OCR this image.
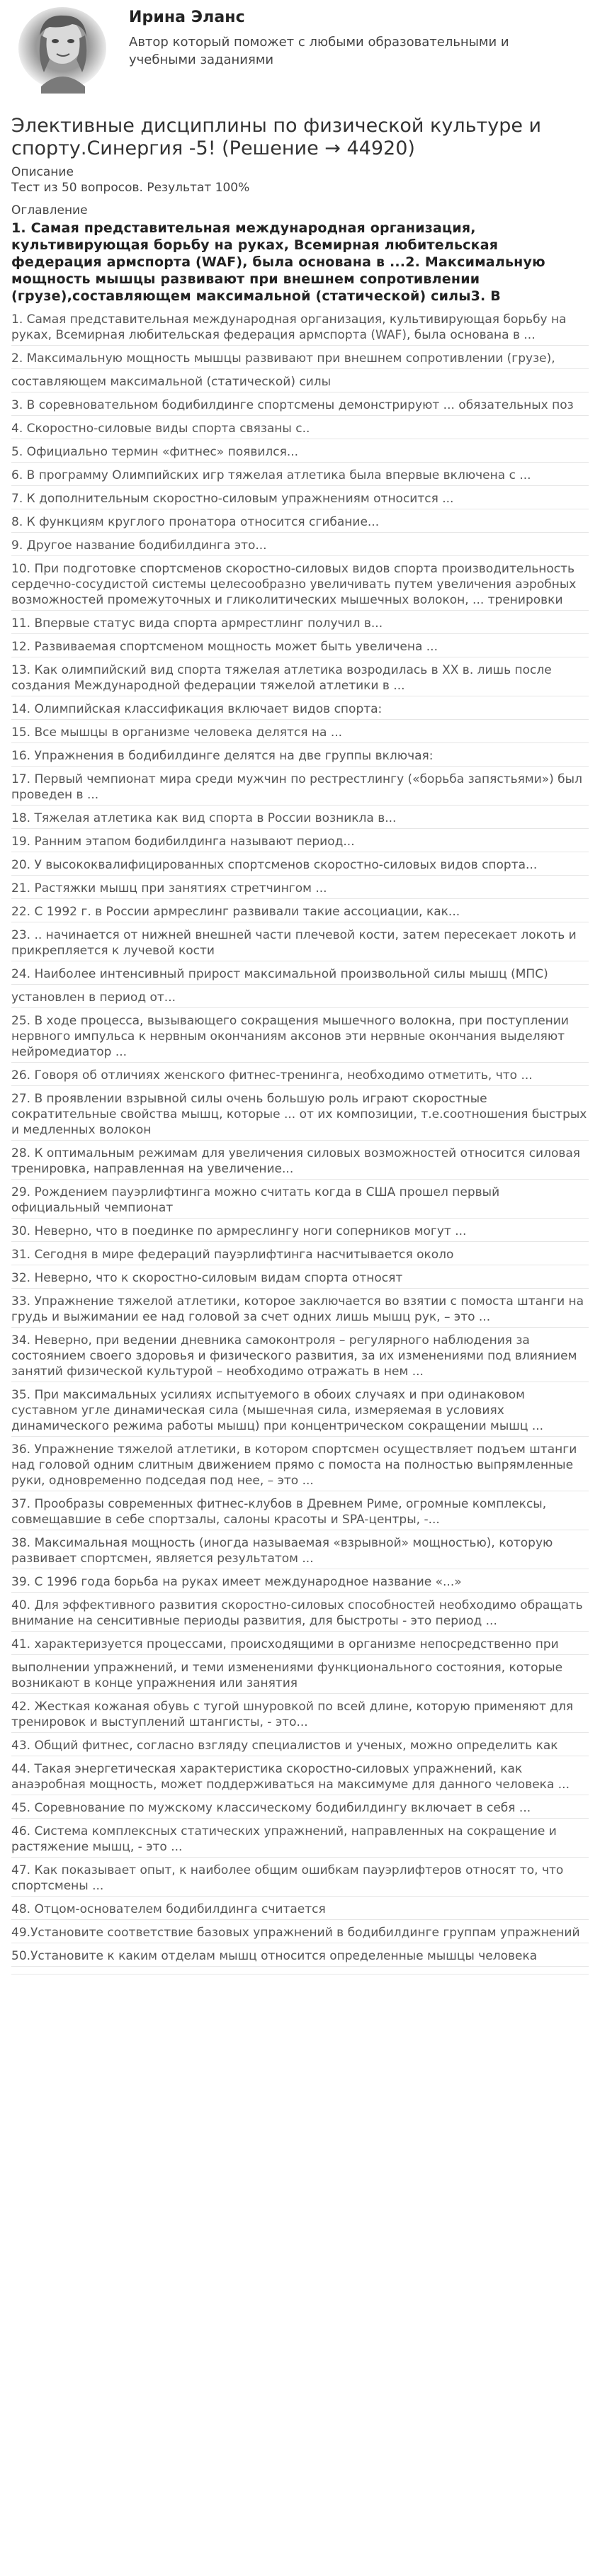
Ирина Эланс
Автор который поможет с любыми образовательными и учебными заданиями
Элективные дисциплины по физической культуре и спорту.Синергия -5! (Решение → 44920)
Описание
Тест из 50 вопросов. Результат 100%
Оглавление
1. Самая представительная международная организация, культивирующая борьбу на руках, Всемирная любительская федерация армспорта (WAF), была основана в ...2. Максимальную мощность мышцы развивают при внешнем сопротивлении (грузе),составляющем максимальной (статической) силы3. В

1. Самая представительная международная организация, культивирующая борьбу на руках, Всемирная любительская федерация армспорта (WAF), была основана в ...

2. Максимальную мощность мышцы развивают при внешнем сопротивлении (грузе),

составляющем максимальной (статической) силы

3. В соревновательном бодибилдинге спортсмены демонстрируют ... обязательных поз

4. Скоростно-силовые виды спорта связаны с..

5. Официально термин «фитнес» появился...

6. В программу Олимпийских игр тяжелая атлетика была впервые включена с ...

7. К дополнительным скоростно-силовым упражнениям относится ...

8. К функциям круглого пронатора относится сгибание...

9. Другое название бодибилдинга это...

10. При подготовке спортсменов скоростно-силовых видов спорта производительность сердечно-сосудистой системы целесообразно увеличивать путем увеличения аэробных возможностей промежуточных и гликолитических мышечных волокон, ... тренировки

11. Впервые статус вида спорта армрестлинг получил в...

12. Развиваемая спортсменом мощность может быть увеличена ...

13. Как олимпийский вид спорта тяжелая атлетика возродилась в XX в. лишь после создания Международной федерации тяжелой атлетики в ...

14. Олимпийская классификация включает видов спорта:

15. Все мышцы в организме человека делятся на ...

16. Упражнения в бодибилдинге делятся на две группы включая:

17. Первый чемпионат мира среди мужчин по рестрестлингу («борьба запястьями») был проведен в ...

18. Тяжелая атлетика как вид спорта в России возникла в...

19. Ранним этапом бодибилдинга называют период...

20. У высококвалифицированных спортсменов скоростно-силовых видов спорта...

21. Растяжки мышц при занятиях стретчингом ...

22. С 1992 г. в России армреслинг развивали такие ассоциации, как...

23. .. начинается от нижней внешней части плечевой кости, затем пересекает локоть и прикрепляется к лучевой кости

24. Наиболее интенсивный прирост максимальной произвольной силы мышц (МПС)

установлен в период от...

25. В ходе процесса, вызывающего сокращения мышечного волокна, при поступлении нервного импульса к нервным окончаниям аксонов эти нервные окончания выделяют нейромедиатор ...

26. Говоря об отличиях женского фитнес-тренинга, необходимо отметить, что ...

27. В проявлении взрывной силы очень большую роль играют скоростные сократительные свойства мышц, которые ... от их композиции, т.е.соотношения быстрых и медленных волокон

28. К оптимальным режимам для увеличения силовых возможностей относится силовая тренировка, направленная на увеличение...

29. Рождением пауэрлифтинга можно считать когда в США прошел первый официальный чемпионат

30. Неверно, что в поединке по армреслингу ноги соперников могут ...

31. Сегодня в мире федераций пауэрлифтинга насчитывается около

32. Неверно, что к скоростно-силовым видам спорта относят

33. Упражнение тяжелой атлетики, которое заключается во взятии с помоста штанги на грудь и выжимании ее над головой за счет одних лишь мышц рук, – это ...

34. Неверно, при ведении дневника самоконтроля – регулярного наблюдения за состоянием своего здоровья и физического развития, за их изменениями под влиянием занятий физической культурой – необходимо отражать в нем ...

35. При максимальных усилиях испытуемого в обоих случаях и при одинаковом суставном угле динамическая сила (мышечная сила, измеряемая в условиях динамического режима работы мышц) при концентрическом сокращении мышц ...

36. Упражнение тяжелой атлетики, в котором спортсмен осуществляет подъем штанги над головой одним слитным движением прямо с помоста на полностью выпрямленные руки, одновременно подседая под нее, – это ...

37. Прообразы современных фитнес-клубов в Древнем Риме, огромные комплексы, совмещавшие в себе спортзалы, салоны красоты и SPA-центры, -...

38. Максимальная мощность (иногда называемая «взрывной» мощностью), которую развивает спортсмен, является результатом ...

39. С 1996 года борьба на руках имеет международное название «...»

40. Для эффективного развития скоростно-силовых способностей необходимо обращать внимание на сенситивные периоды развития, для быстроты - это период ...

41. характеризуется процессами, происходящими в организме непосредственно при

выполнении упражнений, и теми изменениями функционального состояния, которые возникают в конце упражнения или занятия

42. Жесткая кожаная обувь с тугой шнуровкой по всей длине, которую применяют для тренировок и выступлений штангисты, - это...

43. Общий фитнес, согласно взгляду специалистов и ученых, можно определить как

44. Такая энергетическая характеристика скоростно-силовых упражнений, как анаэробная мощность, может поддерживаться на максимуме для данного человека ...

45. Соревнование по мужскому классическому бодибилдингу включает в себя ...

46. Система комплексных статических упражнений, направленных на сокращение и растяжение мышц, - это ...

47. Как показывает опыт, к наиболее общим ошибкам пауэрлифтеров относят то, что спортсмены ...

48. Отцом-основателем бодибилдинга считается

49.Установите соответствие базовых упражнений в бодибилдинге группам упражнений

50.Установите к каким отделам мышц относится определенные мышцы человека
